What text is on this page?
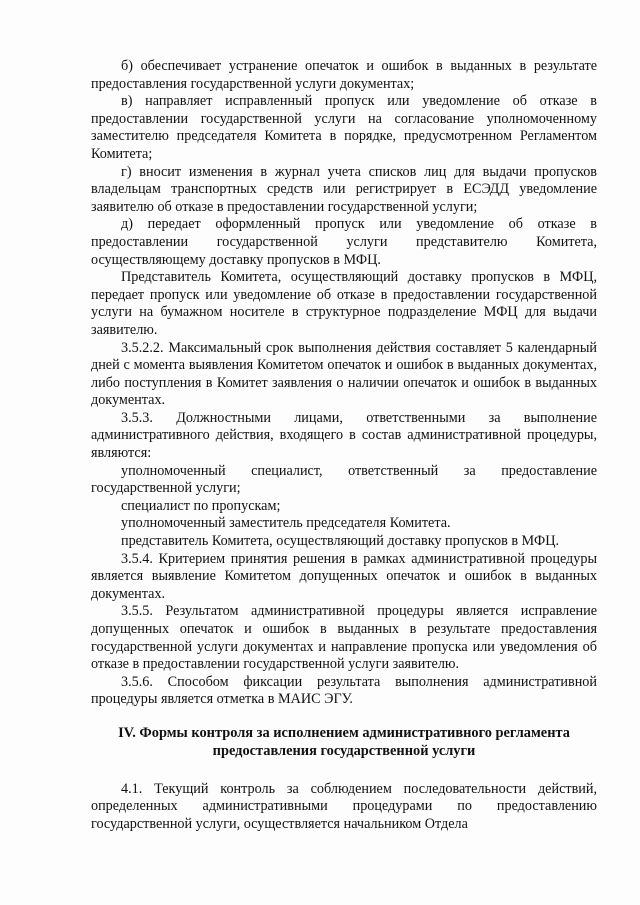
б) обеспечивает устранение опечаток и ошибок в выданных в результате предоставления государственной услуги документах;

в) направляет исправленный пропуск или уведомление об отказе в предоставлении государственной услуги на согласование уполномоченному заместителю председателя Комитета в порядке, предусмотренном Регламентом Комитета;

г) вносит изменения в журнал учета списков лиц для выдачи пропусков владельцам транспортных средств или регистрирует в ЕСЭДД уведомление заявителю об отказе в предоставлении государственной услуги;

д) передает оформленный пропуск или уведомление об отказе в предоставлении государственной услуги представителю Комитета, осуществляющему доставку пропусков в МФЦ.

Представитель Комитета, осуществляющий доставку пропусков в МФЦ, передает пропуск или уведомление об отказе в предоставлении государственной услуги на бумажном носителе в структурное подразделение МФЦ для выдачи заявителю.

3.5.2.2. Максимальный срок выполнения действия составляет 5 календарный дней с момента выявления Комитетом опечаток и ошибок в выданных документах, либо поступления в Комитет заявления о наличии опечаток и ошибок в выданных документах.

3.5.3. Должностными лицами, ответственными за выполнение административного действия, входящего в состав административной процедуры, являются:

уполномоченный специалист, ответственный за предоставление государственной услуги;

специалист по пропускам;

уполномоченный заместитель председателя Комитета.

представитель Комитета, осуществляющий доставку пропусков в МФЦ.

3.5.4. Критерием принятия решения в рамках административной процедуры является выявление Комитетом допущенных опечаток и ошибок в выданных документах.

3.5.5. Результатом административной процедуры является исправление допущенных опечаток и ошибок в выданных в результате предоставления государственной услуги документах и направление пропуска или уведомления об отказе в предоставлении государственной услуги заявителю.

3.5.6. Способом фиксации результата выполнения административной процедуры является отметка в МАИС ЭГУ.

IV. Формы контроля за исполнением административного регламента
предоставления государственной услуги

4.1. Текущий контроль за соблюдением последовательности действий, определенных административными процедурами по предоставлению государственной услуги, осуществляется начальником Отдела
